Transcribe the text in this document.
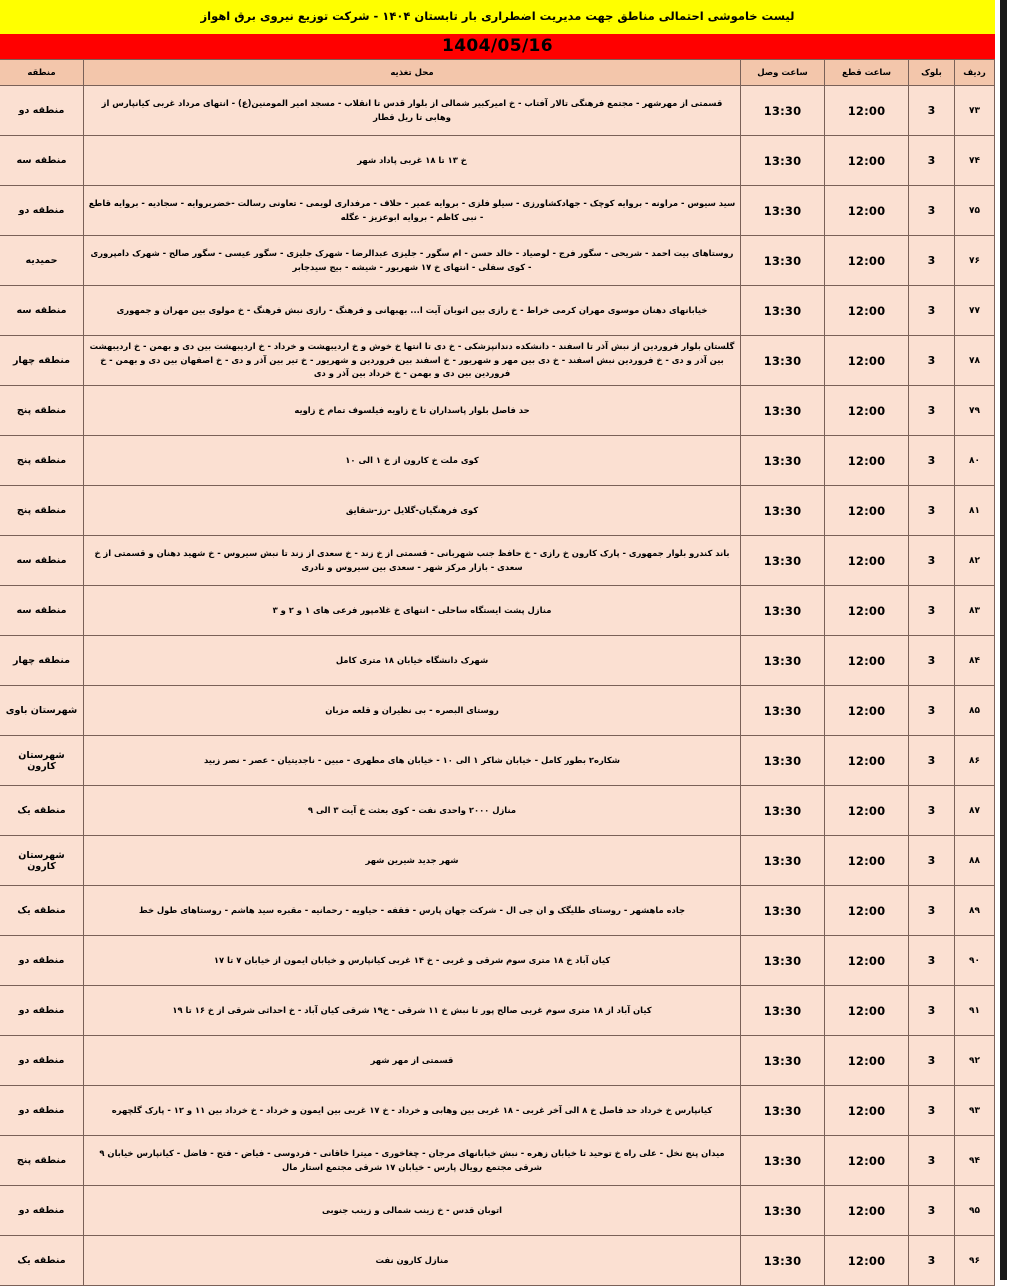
لیست خاموشی احتمالی مناطق جهت مدیریت اضطراری بار تابستان ۱۴۰۴ - شرکت توزیع نیروی برق اهواز
1404/05/16
ردیف	بلوک	ساعت قطع	ساعت وصل	محل تغذیه	منطقه
۷۳	3	12:00	13:30	قسمتی از مهرشهر - مجتمع فرهنگی تالار آفتاب - خ امیرکبیر شمالی از بلوار قدس تا انقلاب - مسجد امیر المومنین(ع) - انتهای مرداد غربی کیانپارس از وهابی تا ریل قطار	منطقه دو
۷۴	3	12:00	13:30	خ ۱۳ تا ۱۸ غربی پاداد شهر	منطقه سه
۷۵	3	12:00	13:30	سید سیوس - مراونه - بروایه کوچک - جهادکشاورزی - سیلو فلزی - بروایه عمیر - حلاف - مرفداری لویمی - تعاونی رسالت -خضربروایه - سجادیه - بروایه قاطع - نبی کاظم - بروایه ابوعزیز - عگله	منطقه دو
۷۶	3	12:00	13:30	روستاهای بیت احمد - شریحی - سگور فرج - لوصیاد - خالد حسن - ام سگور - جلیزی عبدالرضا - شهرک جلیزی - سگور عیسی - سگور صالح - شهرک دامپروری - کوی سفلی - انتهای خ ۱۷ شهریور - شیشه - بیج سیدجابر	حمیدیه
۷۷	3	12:00	13:30	خیابانهای دهنان موسوی مهران کرمی خراط - خ رازی بین اتوبان آیت ا... بهبهانی و فرهنگ - رازی نبش فرهنگ - خ مولوی بین مهران و جمهوری	منطقه سه
۷۸	3	12:00	13:30	گلستان بلوار فروردین از نبش آذر تا اسفند - دانشکده دندانپزشکی - خ دی تا انتها خ خوش و خ اردیبهشت و خرداد - خ اردیبهشت بین دی و بهمن - خ اردیبهشت بین آذر و دی - خ فروردین نبش اسفند - خ دی بین مهر و شهریور - خ اسفند بین فروردین و شهریور - خ تیر بین آذر و دی - خ اصفهان بین دی و بهمن - خ فروردین بین دی و بهمن - خ خرداد بین آذر و دی	منطقه چهار
۷۹	3	12:00	13:30	حد فاصل بلوار پاسداران تا خ زاویه فیلسوف تمام خ زاویه	منطقه پنج
۸۰	3	12:00	13:30	کوی ملت خ کارون از خ ۱ الی ۱۰	منطقه پنج
۸۱	3	12:00	13:30	کوی فرهنگیان-گلایل -رز-شقایق	منطقه پنج
۸۲	3	12:00	13:30	باند کندرو بلوار جمهوری - پارک کارون خ رازی - خ حافظ جنب شهربانی - قسمتی از خ زند - خ سعدی از زند تا نبش سیروس - خ شهید دهنان و قسمتی از خ سعدی - بازار مرکز شهر - سعدی بین سیروس و نادری	منطقه سه
۸۳	3	12:00	13:30	منازل پشت ایستگاه ساحلی - انتهای خ غلامپور فرعی های ۱ و ۲ و ۳	منطقه سه
۸۴	3	12:00	13:30	شهرک دانشگاه خیابان ۱۸ متری کامل	منطقه چهار
۸۵	3	12:00	13:30	روستای البصره - بی نظیران و قلعه مزبان	شهرستان باوی
۸۶	3	12:00	13:30	شکاره۲ بطور کامل - خیابان شاکر ۱ الی ۱۰ - خیابان های مطهری - مبین - ناجدیتیان - عصر - نصر زبید	شهرستان کارون
۸۷	3	12:00	13:30	منازل ۲۰۰۰ واحدی نفت - کوی بعثت خ آیت ۳ الی ۹	منطقه یک
۸۸	3	12:00	13:30	شهر جدید شیرین شهر	شهرستان کارون
۸۹	3	12:00	13:30	جاده ماهشهر - روستای طلیگک و ان جی ال - شرکت جهان پارس - فقفه - حیاویه - رحمانیه - مقبره سید هاشم - روستاهای طول خط	منطقه یک
۹۰	3	12:00	13:30	کیان آباد خ ۱۸ متری سوم شرقی و غربی - خ ۱۴ غربی کیانپارس و خیابان ایمون از خیابان ۷ تا ۱۷	منطقه دو
۹۱	3	12:00	13:30	کیان آباد از ۱۸ متری سوم غربی صالح پور تا نبش خ ۱۱ شرقی - خ۱۹ شرقی کیان آباد - خ احداثی شرقی از خ ۱۶ تا ۱۹	منطقه دو
۹۲	3	12:00	13:30	قسمتی از مهر شهر	منطقه دو
۹۳	3	12:00	13:30	کیانپارس خ خرداد حد فاصل خ ۸ الی آخر غربی - ۱۸ غربی بین وهابی و خرداد - خ ۱۷ غربی بین ایمون و خرداد - خ خرداد بین ۱۱ و ۱۲ - پارک گلچهره	منطقه دو
۹۴	3	12:00	13:30	میدان پنج نخل - علی راه خ توحید تا خیابان زهره - نبش خیابانهای مرجان - چغاخوری - میترا خاقانی - فردوسی - فیاض - فتح - فاضل - کیانپارس خیابان ۹ شرقی مجتمع رویال پارس - خیابان ۱۷ شرقی مجتمع استار مال	منطقه پنج
۹۵	3	12:00	13:30	اتوبان قدس - خ زینب شمالی و زینب جنوبی	منطقه دو
۹۶	3	12:00	13:30	منازل کارون نفت	منطقه یک
